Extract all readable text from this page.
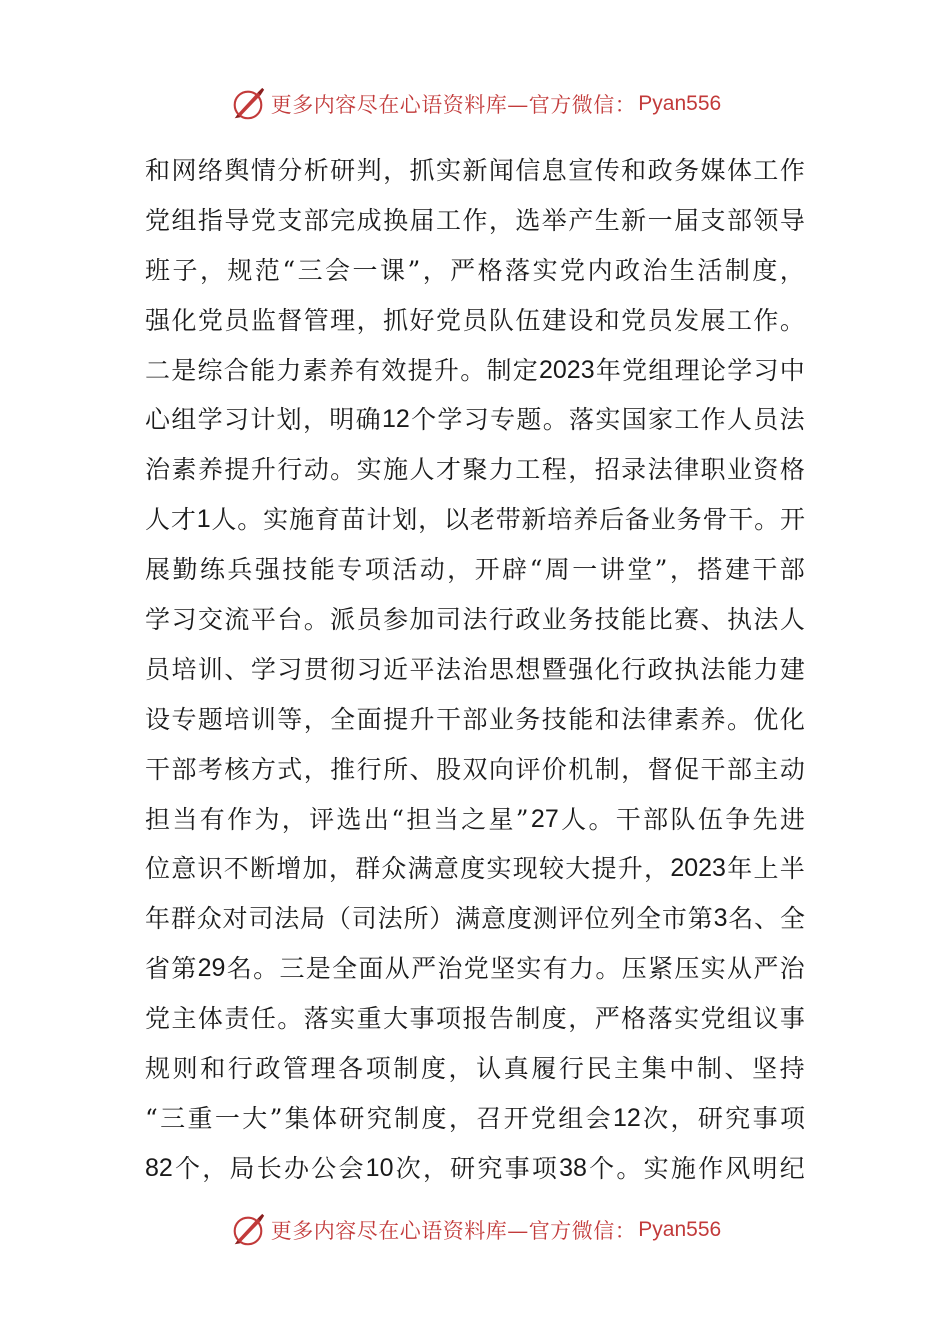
更多内容尽在心语资料库—官方微信： Pyan556
和 网 络 舆 情 分 析 研 判 ， 抓 实 新 闻 信 息 宣 传 和 政 务 媒 体 工 作
党 组 指 导 党 支 部 完 成 换 届 工 作 ， 选 举 产 生 新 一 届 支 部 领 导
班 子 ， 规 范 “ 三 会 一 课 ” ， 严 格 落 实 党 内 政 治 生 活 制 度 ，
强 化 党 员 监 督 管 理 ， 抓 好 党 员 队 伍 建 设 和 党 员 发 展 工 作 。
二 是 综 合 能 力 素 养 有 效 提 升 。 制 定 2023 年 党 组 理 论 学 习 中
心 组 学 习 计 划 ， 明 确 12 个 学 习 专 题 。 落 实 国 家 工 作 人 员 法
治 素 养 提 升 行 动 。 实 施 人 才 聚 力 工 程 ， 招 录 法 律 职 业 资 格
人 才 1 人 。 实 施 育 苗 计 划 ， 以 老 带 新 培 养 后 备 业 务 骨 干 。 开
展 勤 练 兵 强 技 能 专 项 活 动 ， 开 辟 “ 周 一 讲 堂 ” ， 搭 建 干 部
学 习 交 流 平 台 。 派 员 参 加 司 法 行 政 业 务 技 能 比 赛 、 执 法 人
员 培 训 、 学 习 贯 彻 习 近 平 法 治 思 想 暨 强 化 行 政 执 法 能 力 建
设 专 题 培 训 等 ， 全 面 提 升 干 部 业 务 技 能 和 法 律 素 养 。 优 化
干 部 考 核 方 式 ， 推 行 所 、 股 双 向 评 价 机 制 ， 督 促 干 部 主 动
担 当 有 作 为 ， 评 选 出 “ 担 当 之 星 ” 27 人 。 干 部 队 伍 争 先 进
位 意 识 不 断 增 加 ， 群 众 满 意 度 实 现 较 大 提 升 ， 2023 年 上 半
年 群 众 对 司 法 局 （ 司 法 所 ） 满 意 度 测 评 位 列 全 市 第 3 名 、 全
省 第 29 名 。 三 是 全 面 从 严 治 党 坚 实 有 力 。 压 紧 压 实 从 严 治
党 主 体 责 任 。 落 实 重 大 事 项 报 告 制 度 ， 严 格 落 实 党 组 议 事
规 则 和 行 政 管 理 各 项 制 度 ， 认 真 履 行 民 主 集 中 制 、 坚 持
“ 三 重 一 大 ” 集 体 研 究 制 度 ， 召 开 党 组 会 12 次 ， 研 究 事 项
82 个 ， 局 长 办 公 会 10 次 ， 研 究 事 项 38 个 。 实 施 作 风 明 纪
更多内容尽在心语资料库—官方微信： Pyan556
